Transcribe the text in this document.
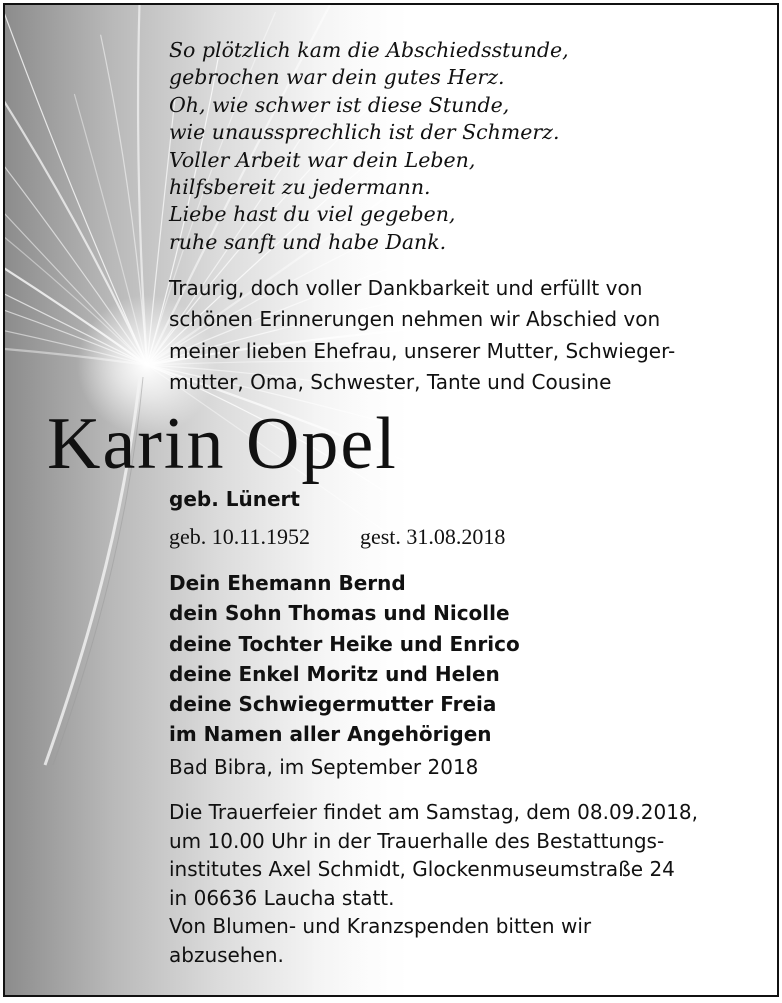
So plötzlich kam die Abschiedsstunde,
gebrochen war dein gutes Herz.
Oh, wie schwer ist diese Stunde,
wie unaussprechlich ist der Schmerz.
Voller Arbeit war dein Leben,
hilfsbereit zu jedermann.
Liebe hast du viel gegeben,
ruhe sanft und habe Dank.
Traurig, doch voller Dankbarkeit und erfüllt von
schönen Erinnerungen nehmen wir Abschied von
meiner lieben Ehefrau, unserer Mutter, Schwieger-
mutter, Oma, Schwester, Tante und Cousine
Karin Opel
geb. Lünert
geb. 10.11.1952 gest. 31.08.2018
Dein Ehemann Bernd
dein Sohn Thomas und Nicolle
deine Tochter Heike und Enrico
deine Enkel Moritz und Helen
deine Schwiegermutter Freia
im Namen aller Angehörigen
Bad Bibra, im September 2018
Die Trauerfeier findet am Samstag, dem 08.09.2018,
um 10.00 Uhr in der Trauerhalle des Bestattungs-
institutes Axel Schmidt, Glockenmuseumstraße 24
in 06636 Laucha statt.
Von Blumen- und Kranzspenden bitten wir
abzusehen.
